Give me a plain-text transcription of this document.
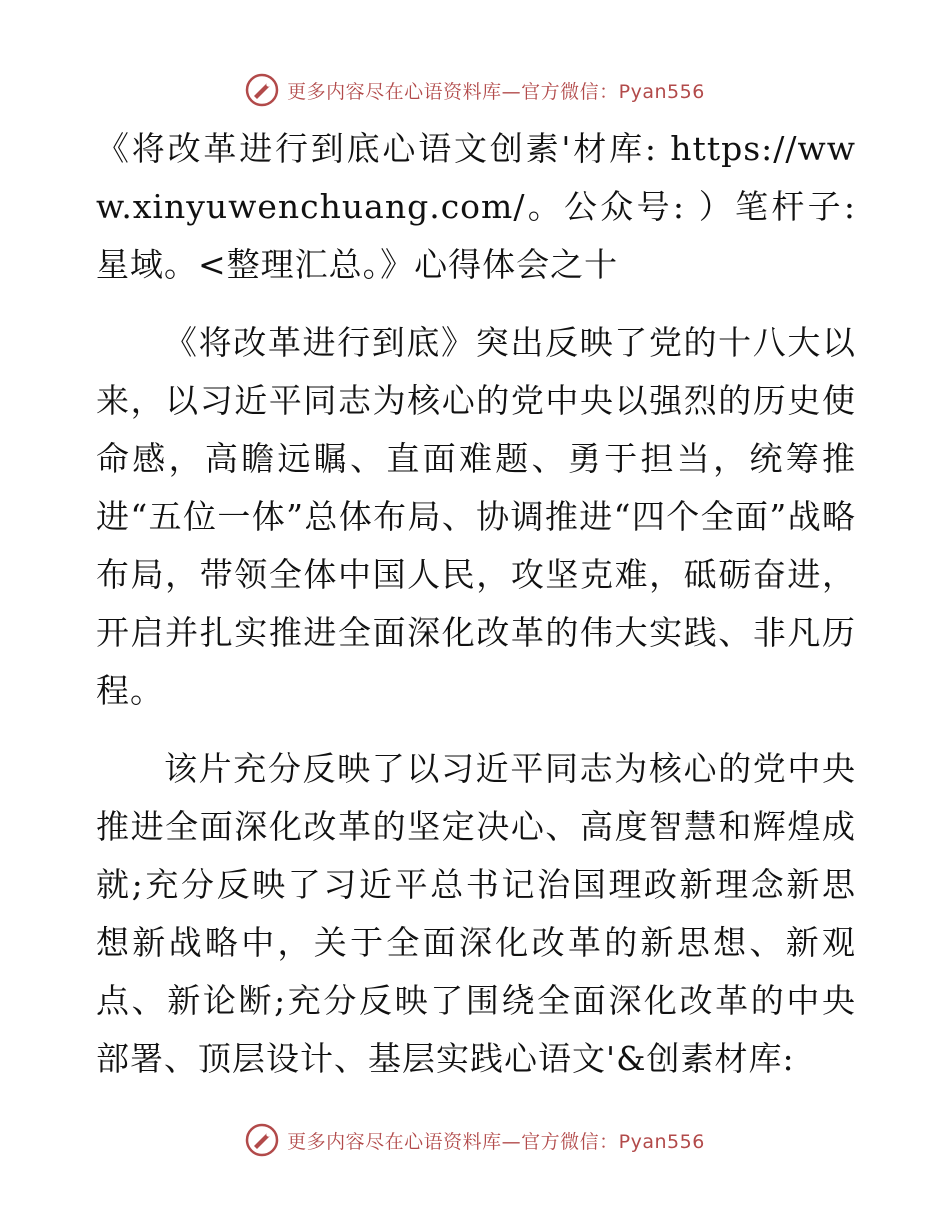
更多内容尽在心语资料库—官方微信：Pyan556

《将改革进行到底心语文创素'材库: https://www.xinyuwenchuang.com/。公众号: ）笔杆子:星域。<整理汇总。》心得体会之十

《将改革进行到底》突出反映了党的十八大以来，以习近平同志为核心的党中央以强烈的历史使命感，高瞻远瞩、直面难题、勇于担当，统筹推进“五位一体”总体布局、协调推进“四个全面”战略布局，带领全体中国人民，攻坚克难，砥砺奋进，开启并扎实推进全面深化改革的伟大实践、非凡历程。

该片充分反映了以习近平同志为核心的党中央推进全面深化改革的坚定决心、高度智慧和辉煌成就;充分反映了习近平总书记治国理政新理念新思想新战略中，关于全面深化改革的新思想、新观点、新论断;充分反映了围绕全面深化改革的中央部署、顶层设计、基层实践心语文'&创素材库:

更多内容尽在心语资料库—官方微信：Pyan556
